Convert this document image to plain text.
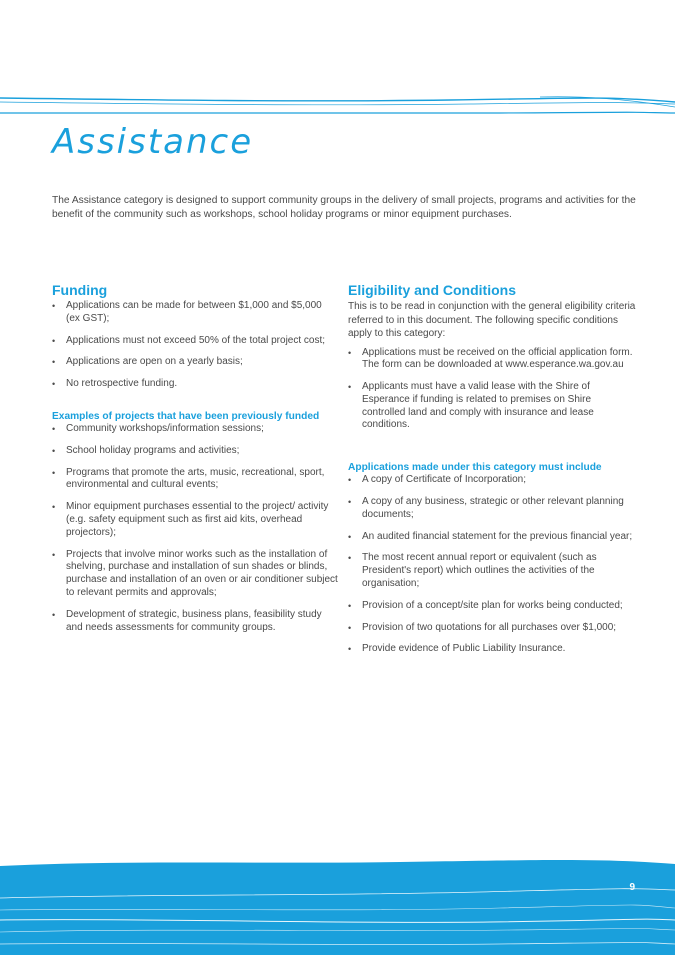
Assistance

The Assistance category is designed to support community groups in the delivery of small projects, programs and activities for the benefit of the community such as workshops, school holiday programs or minor equipment purchases.

Funding
• Applications can be made for between $1,000 and $5,000 (ex GST);
• Applications must not exceed 50% of the total project cost;
• Applications are open on a yearly basis;
• No retrospective funding.
Examples of projects that have been previously funded
• Community workshops/information sessions;
• School holiday programs and activities;
• Programs that promote the arts, music, recreational, sport, environmental and cultural events;
• Minor equipment purchases essential to the project/ activity (e.g. safety equipment such as first aid kits, overhead projectors);
• Projects that involve minor works such as the installation of shelving, purchase and installation of sun shades or blinds, purchase and installation of an oven or air conditioner subject to relevant permits and approvals;
• Development of strategic, business plans, feasibility study and needs assessments for community groups.
Eligibility and Conditions

This is to be read in conjunction with the general eligibility criteria referred to in this document. The following specific conditions apply to this category:

• Applications must be received on the official application form. The form can be downloaded at www.esperance.wa.gov.au
• Applicants must have a valid lease with the Shire of Esperance if funding is related to premises on Shire controlled land and comply with insurance and lease conditions.
Applications made under this category must include
• A copy of Certificate of Incorporation;
• A copy of any business, strategic or other relevant planning documents;
• An audited financial statement for the previous financial year;
• The most recent annual report or equivalent (such as President's report) which outlines the activities of the organisation;
• Provision of a concept/site plan for works being conducted;
• Provision of two quotations for all purchases over $1,000;
• Provide evidence of Public Liability Insurance.
9
